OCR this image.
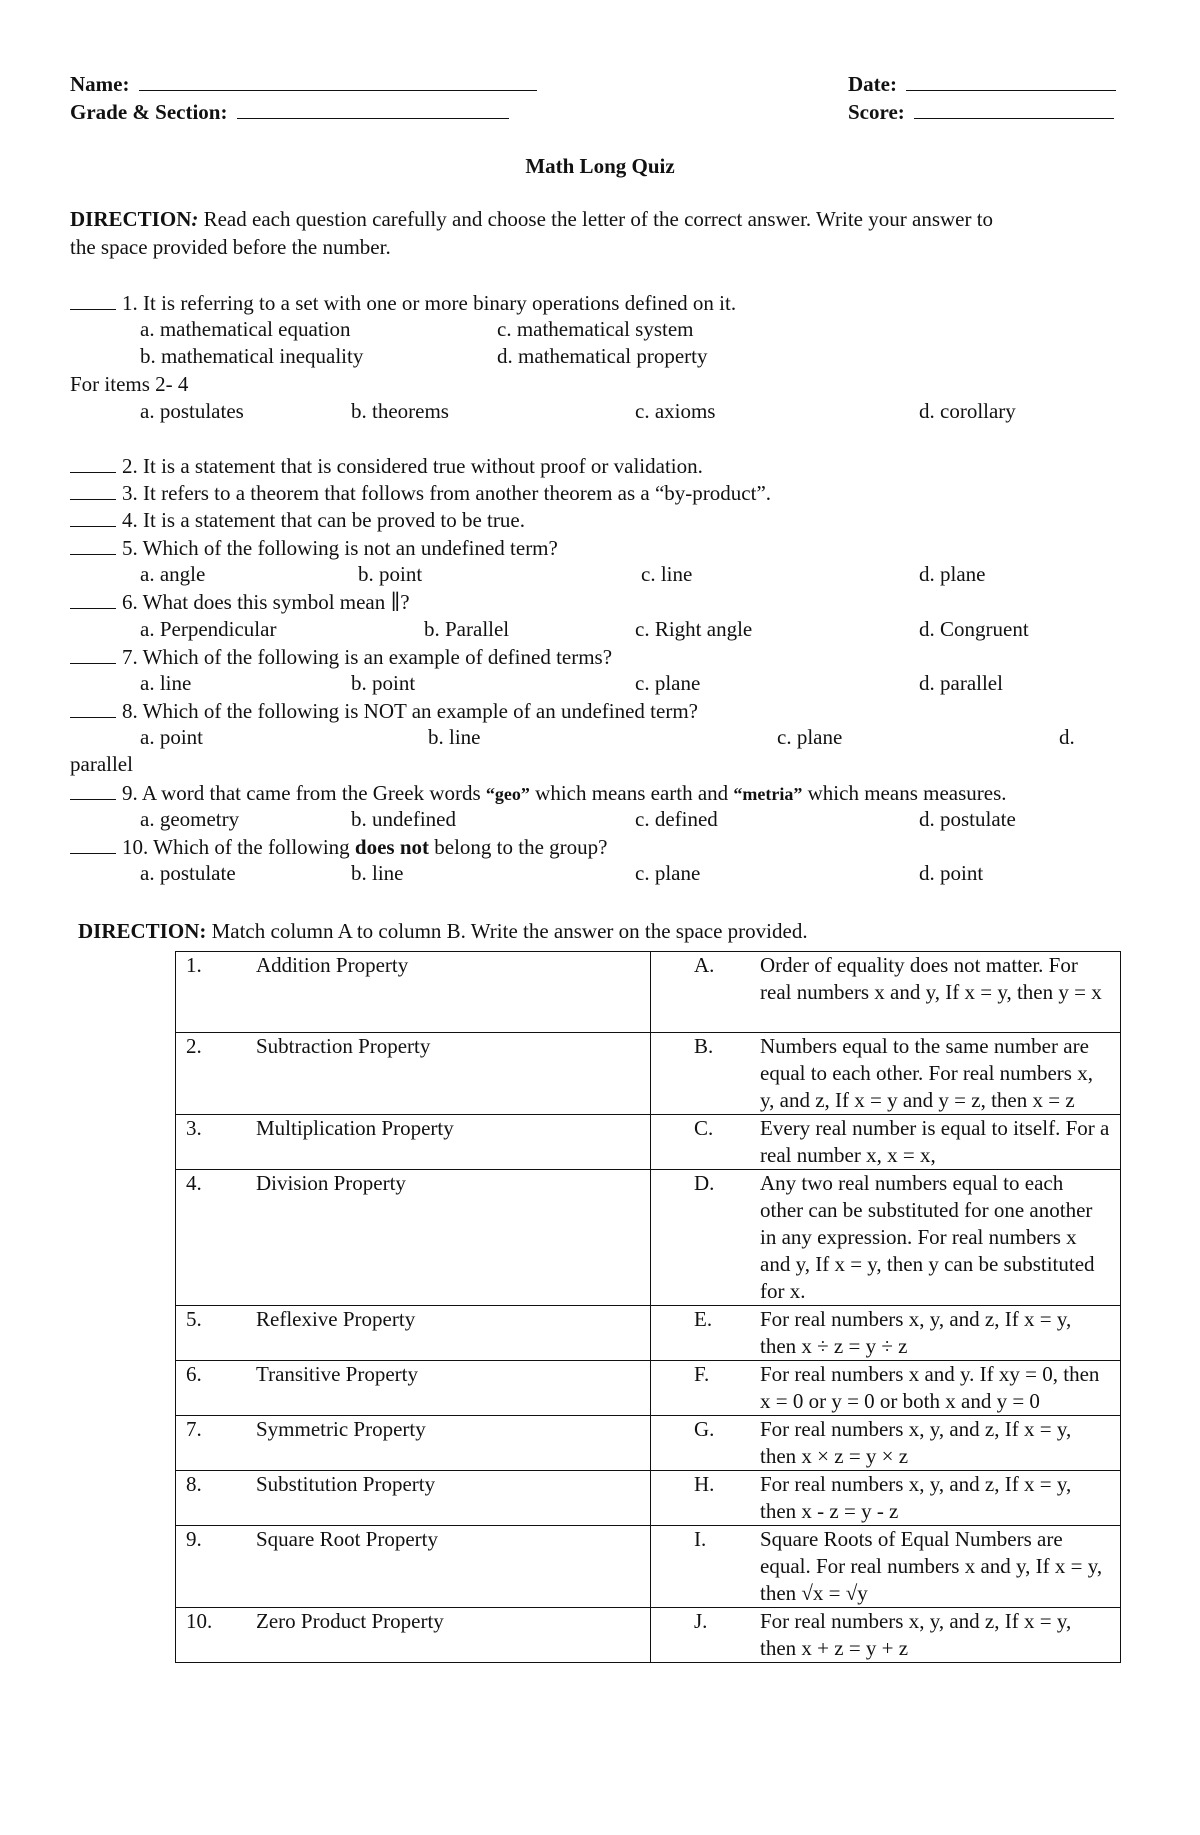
Name:
Grade & Section:
Date:
Score:
Math Long Quiz
DIRECTION: Read each question carefully and choose the letter of the correct answer. Write your answer to
the space provided before the number.
1. It is referring to a set with one or more binary operations defined on it.
a. mathematical equation	c. mathematical system
b. mathematical inequality	d. mathematical property
For items 2- 4
a. postulates	b. theorems	c. axioms	d. corollary
2. It is a statement that is considered true without proof or validation.
3. It refers to a theorem that follows from another theorem as a “by-product”.
4. It is a statement that can be proved to be true.
5. Which of the following is not an undefined term?
a. angle	b. point	c. line	d. plane
6. What does this symbol mean ∥?
a. Perpendicular	b. Parallel	c. Right angle	d. Congruent
7. Which of the following is an example of defined terms?
a. line	b. point	c. plane	d. parallel
8. Which of the following is NOT an example of an undefined term?
a. point	b. line	c. plane	d.
parallel
9. A word that came from the Greek words “geo” which means earth and “metria” which means measures.
a. geometry	b. undefined	c. defined	d. postulate
10. Which of the following does not belong to the group?
a. postulate	b. line	c. plane	d. point
DIRECTION: Match column A to column B. Write the answer on the space provided.
1. Addition Property	A. Order of equality does not matter. For real numbers x and y, If x = y, then y = x

2. Subtraction Property	B. Numbers equal to the same number are equal to each other. For real numbers x, y, and z, If x = y and y = z, then x = z

3. Multiplication Property	C. Every real number is equal to itself. For a real number x, x = x,

4. Division Property	D. Any two real numbers equal to each other can be substituted for one another in any expression. For real numbers x and y, If x = y, then y can be substituted for x.

5. Reflexive Property	E. For real numbers x, y, and z, If x = y, then x ÷ z = y ÷ z

6. Transitive Property	F. For real numbers x and y. If xy = 0, then x = 0 or y = 0 or both x and y = 0

7. Symmetric Property	G. For real numbers x, y, and z, If x = y, then x × z = y × z

8. Substitution Property	H. For real numbers x, y, and z, If x = y, then x - z = y - z

9. Square Root Property	I. Square Roots of Equal Numbers are equal. For real numbers x and y, If x = y, then √x = √y

10. Zero Product Property	J. For real numbers x, y, and z, If x = y, then x + z = y + z
